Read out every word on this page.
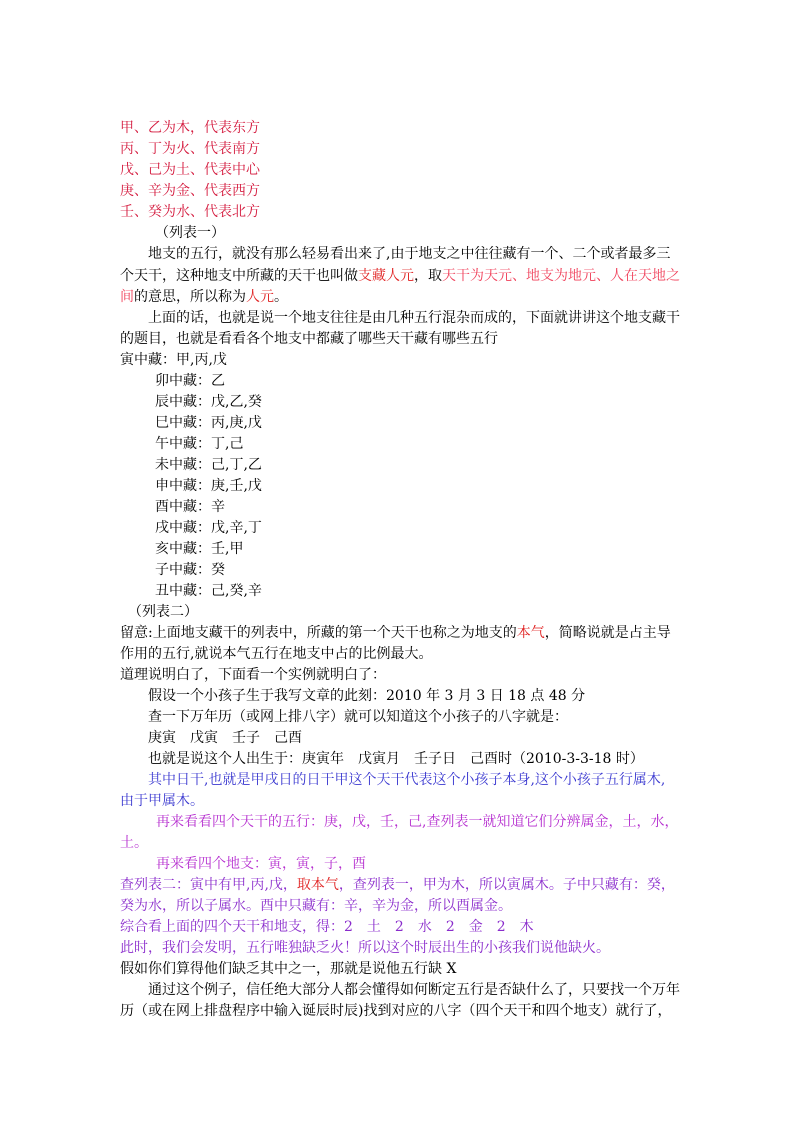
甲、乙为木，代表东方
丙、丁为火、代表南方
戊、己为土、代表中心
庚、辛为金、代表西方
壬、癸为水、代表北方
（列表一）
地支的五行，就没有那么轻易看出来了,由于地支之中往往藏有一个、二个或者最多三
个天干，这种地支中所藏的天干也叫做支藏人元，取天干为天元、地支为地元、人在天地之
间的意思，所以称为人元。
上面的话，也就是说一个地支往往是由几种五行混杂而成的，下面就讲讲这个地支藏干
的题目，也就是看看各个地支中都藏了哪些天干藏有哪些五行
寅中藏：甲,丙,戊
卯中藏：乙
辰中藏：戊,乙,癸
巳中藏：丙,庚,戊
午中藏：丁,己
未中藏：己,丁,乙
申中藏：庚,壬,戊
酉中藏：辛
戌中藏：戊,辛,丁
亥中藏：壬,甲
子中藏：癸
丑中藏：己,癸,辛
（列表二）
留意:上面地支藏干的列表中，所藏的第一个天干也称之为地支的本气，简略说就是占主导
作用的五行,就说本气五行在地支中占的比例最大。
道理说明白了，下面看一个实例就明白了：
假设一个小孩子生于我写文章的此刻：2010 年 3 月 3 日 18 点 48 分
查一下万年历（或网上排八字）就可以知道这个小孩子的八字就是：
庚寅　戊寅　壬子　己酉
也就是说这个人出生于：庚寅年　戊寅月　壬子日　己酉时（2010-3-3-18 时）
其中日干,也就是甲戌日的日干甲这个天干代表这个小孩子本身,这个小孩子五行属木,
由于甲属木。
再来看看四个天干的五行：庚，戊，壬，己,查列表一就知道它们分辨属金，土，水，
土。
再来看四个地支：寅，寅，子，酉
查列表二：寅中有甲,丙,戊，取本气，查列表一，甲为木，所以寅属木。子中只藏有：癸，
癸为水，所以子属水。酉中只藏有：辛，辛为金，所以酉属金。
综合看上面的四个天干和地支，得：2　土　2　水　2　金　2　木
此时，我们会发明，五行唯独缺乏火！所以这个时辰出生的小孩我们说他缺火。
假如你们算得他们缺乏其中之一，那就是说他五行缺 X
通过这个例子，信任绝大部分人都会懂得如何断定五行是否缺什么了，只要找一个万年
历（或在网上排盘程序中输入诞辰时辰)找到对应的八字（四个天干和四个地支）就行了，
